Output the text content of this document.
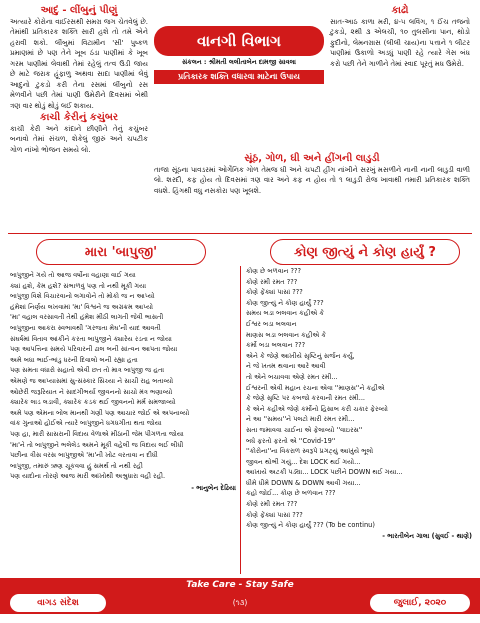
વાનગી વિભાગ
સંકલન : શ્રીમતી લલીતાબેન દામજી સાવલા
પ્રતિકારક શક્તિ વધારવા માટેના ઉપાય
આદું - લીંબુનું પીણું
અત્યારે કોરોના વાઈરસથી સમગ્ર જગ ચેતવેલું છે. તેમાંથી પ્રતિકારક શક્તિ સારી હશે તો તમે એને હરાવી શકો. લીંબુમાં વિટામીન 'સી' પુષ્કળ પ્રમાણમાં છે પણ તેને ખૂબ ઠંડા પાણીમાં કે ખૂબ ગરમ પાણીમાં લેવાથી તેમાં રહેલું તત્વ ઉડી જાય છે માટે જરાક હૂંફાળુ અથવા સાદા પાણીમાં લેવું આદુનો ટુકડો કરી તેના રસમાં લીંબુનો રસ મેળવીને પછી તેમાં પાણી ઉમેરીને દિવસમાં બેથી ત્રણ વાર થોડું થોડું લઈ શકાય.
કાચી કેરીનું કચુંબર
કાચી કેરી અને કાંદાને છીણીને તેનું કચુંબર બનાવો તેમાં સંચળ, શેકેલું જીરું અને ચપટીક ગોળ નાંખો ભોજન સમયે લો.
કાઢો
સાત-આઠ કાળા મરી, ૪-૫ લવિંગ, ૧ ઈંચ તજનો ટુકડો, ૨થી ૩ એલચી, ૧૦ તુલસીના પાન, થોડો ફુદીનો, લેમનગ્રાસ (લીલી ચાય)ના પત્તાને ૧ લીટર પાણીમાં ઉકાળો અડધું પાણી રહે ત્યારે ગેસ બંધ કરો પછી તેને ગાળીને તેમાં સ્વાદ પૂરતું મધ ઉમેરો.
સૂંઠ, ગોળ, ઘી અને હીંગની લાડુડી
તાજા સૂંઠના પાવડરમાં ઓર્ગેનિક ગોળ તેમજ ઘી અને ચપટી હીંગ નાંખીને સરખું મસળીને નાની નાની લાડુડી વાળી લો. શરદી, કફ હોય તો દિવસમાં ત્રણ વાર અને કફ ન હોય તો ૧ લાડુડી રોજ ખાવાથી તમારી પ્રતિકારક શક્તિ વધશે. હિંગથી વધુ નસકોરા પણ ખૂલશે.
મારા 'બાપુજી'	કોણ જીત્યું ને કોણ હાર્યું ?
બાપુજીને ગયે તો આજ વર્ષોના વહાણા વાઈ ગયા
ક્યાં હશે, કેમ હશે? સંભાળવું પણ તો નથી મૂકી ગયા
બાપુજી વિશે વિચારવાનો લગાવોને તો મોકો જ ન આપ્યો
હંમેશાં નિર્ણય લખવામાં 'મા' વિશ્વને જ અગ્રક્રમ આપ્યો
'મા' વહાલ વરસાવતી તેથી હંમેશ મીઠી લાગતી જેવી ભાસતી
બાપુજીના આકરા સ્વભાવથી 'ગરજતા મેઘ'ની યાદ આવતી
સંઘર્ષમાં વિતાવ આંકીને કરતા બાપુજીને ક્યારેય રડતા ન જોયા
પણ આપત્તિના સમયે પરિવારની ઢાલ બની સાંત્વન આપતા જોયા
અમે બધા ભાઈ-ભાંડુ ધરની દિવાલો બની રહ્યા હતા
પણ સમતા વધારો સહાતો એવી છત તો માત્ર બાપુજી જ હતા
એમણે જ આપ્યાસમાં સુ-સંસ્કાર સિંચ્યા ને સાચી રાહ બતાવ્યો
ઓછેરી જરૂરિયાત ને સાદગીભર્યા જીવનનો સાચો મંત્ર ભણાવ્યો
ક્યારેક લાડ લડાવી, ક્યારેક કડક થઈ જીવનનો મર્મ સમજાવ્યો
અમે પણ એમના બોલ માનથી ગણી પણ આચાર જોઈ એ અપનાવ્યો
વાંક ગુનાઓ હોઈએ ત્યારે બાપુજીને ધગધગીતા થતા જોયા
પણ હા, મારી સાસરાની વિદાય વેળાએ મીઠાની જેમ પીગળતા જોયા
'મા'ને તો બાપુજીને ભલેલેડ અમને મૂકી વહેલી જ વિદાય લઈ લીધી
પછીના ત્રીસ વરસ બાપુજીએ 'મા'ની ખોટ વરતાવા ન દીધી
બાપુજી, તમારું ઋણ ચૂકવવા હું સમર્થ તો નથી રહી
પણ યાદોના તોરણે આજ મારી આંખોથી અશ્રુધારા વહી રહી.
- ભાનુબેન દેઢિયા
કોણ છે બળવાન ???
કોણે રમી રમત ???
કોણે ફેંક્યાં પાસાં ???
કોણ જીત્યું ને કોણ હાર્યું ???
સમય બડા બલવાન કહીએ કે
ઈશ્વર બડા બલવાન
માણસ બડા બલવાન કહીએ કે
કર્મો બડા બલવાન ???
એને કે જેણે આખીયે સૃષ્ટિનું સર્જન કર્યું,
ને જે ખતમ થવાના આરે આવી
તો એને બચાવવા એણે રમત રમી...
ઈશ્વરની એવી મહાન રચના એવા ''માણસ''ને કહીએ
કે જેણે સૃષ્ટિ પર કબજો કરવાની રમત રમી...
કે એને કહીએ જેણે કર્મોનો હિસાબ કરી ચકાર ફેરવ્યો
ને આ ''સમય''ને પલટો મારી રમત રમી...
સતા જમાવવા ચાઈના એ ફેલાવ્યો ''વાઇરસ''
બધે ફરતો ફરતો એ ''Covid-19''
''કોરોના''ના વિકરાળ સ્વરૂપે પ્રગટ્યું આખુંયે ભૂલો
જીવન થોભી ગયું... દેશ LOCK થઈ ગયો...
આખાયે અટકી પડ્યા... LOCK પછીને DOWN થઈ ગયા...
ધીમે ધીમે DOWN & DOWN આવી ગયા...
કહો જોઈ... કોણ છે બળવાન ???
કોણે રમી રમત ???
કોણે ફેંક્યાં પાસાં ???
કોણ જીત્યું ને કોણ હાર્યું ??? (To be continu)
- ભારતીબેન ગાલા (સુવઈ - થાણે)
Take Care - Stay Safe
વાગડ સંદેશ	(૧૩)	જુલાઈ, ૨૦૨૦
